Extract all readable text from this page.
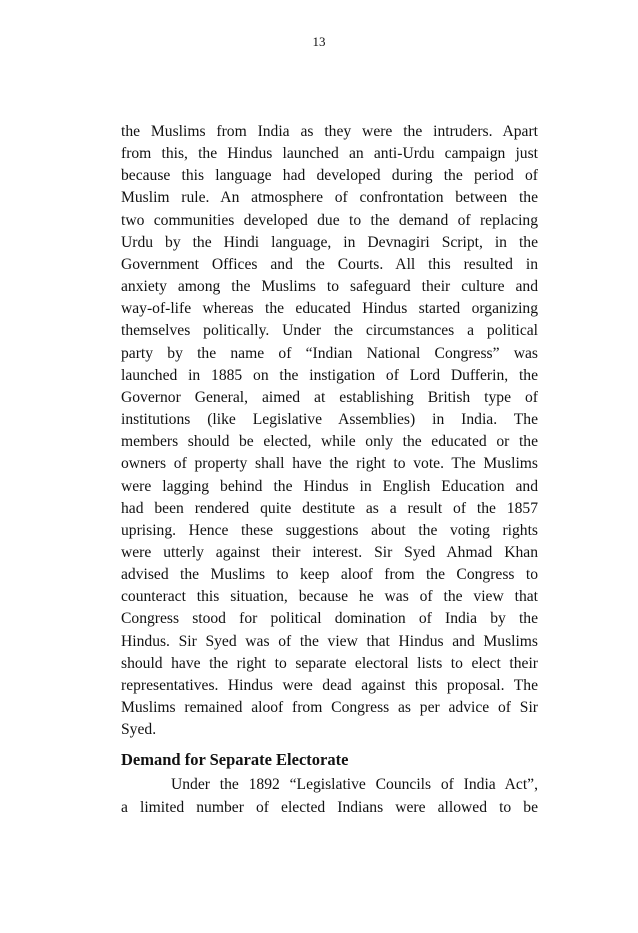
13

the Muslims from India as they were the intruders. Apart
from this, the Hindus launched an anti-Urdu campaign just
because this language had developed during the period of
Muslim rule. An atmosphere of confrontation between the
two communities developed due to the demand of replacing
Urdu by the Hindi language, in Devnagiri Script, in the
Government Offices and the Courts. All this resulted in
anxiety among the Muslims to safeguard their culture and
way-of-life whereas the educated Hindus started organizing
themselves politically. Under the circumstances a political
party by the name of “Indian National Congress” was
launched in 1885 on the instigation of Lord Dufferin, the
Governor General, aimed at establishing British type of
institutions (like Legislative Assemblies) in India. The
members should be elected, while only the educated or the
owners of property shall have the right to vote. The Muslims
were lagging behind the Hindus in English Education and
had been rendered quite destitute as a result of the 1857
uprising. Hence these suggestions about the voting rights
were utterly against their interest. Sir Syed Ahmad Khan
advised the Muslims to keep aloof from the Congress to
counteract this situation, because he was of the view that
Congress stood for political domination of India by the
Hindus. Sir Syed was of the view that Hindus and Muslims
should have the right to separate electoral lists to elect their
representatives. Hindus were dead against this proposal. The
Muslims remained aloof from Congress as per advice of Sir
Syed.

Demand for Separate Electorate

Under the 1892 “Legislative Councils of India Act”,
a limited number of elected Indians were allowed to be
